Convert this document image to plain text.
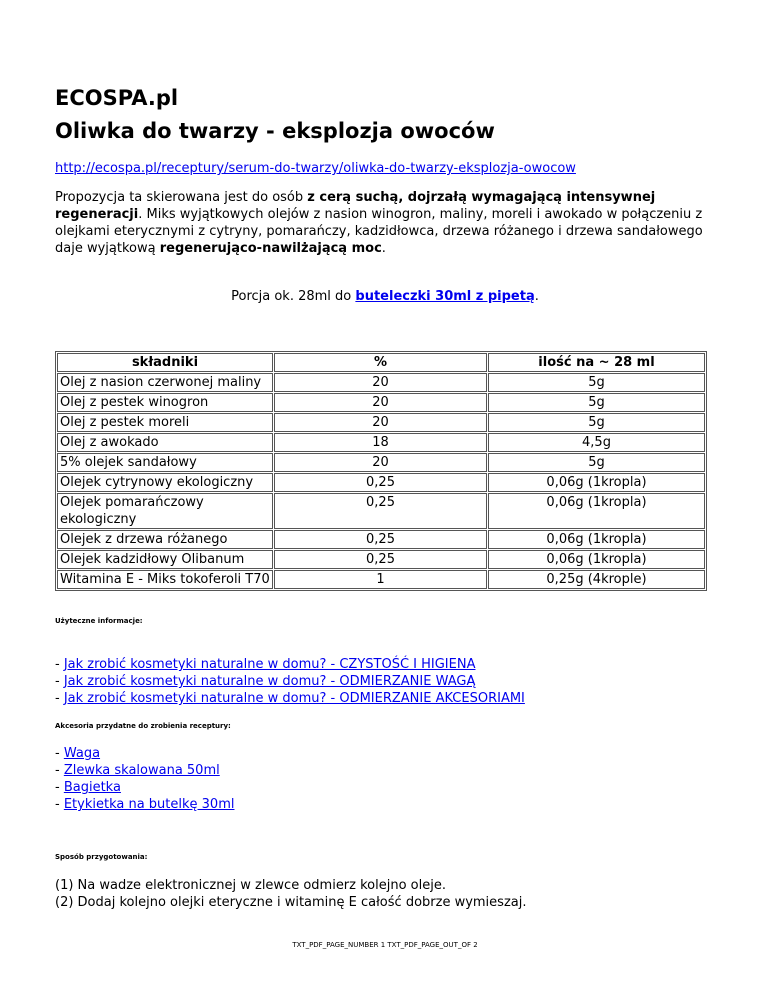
ECOSPA.pl
Oliwka do twarzy - eksplozja owoców
http://ecospa.pl/receptury/serum-do-twarzy/oliwka-do-twarzy-eksplozja-owocow

Propozycja ta skierowana jest do osób z cerą suchą, dojrzałą wymagającą intensywnej regeneracji. Miks wyjątkowych olejów z nasion winogron, maliny, moreli i awokado w połączeniu z olejkami eterycznymi z cytryny, pomarańczy, kadzidłowca, drzewa różanego i drzewa sandałowego daje wyjątkową regenerująco-nawilżającą moc.

Porcja ok. 28ml do buteleczki 30ml z pipetą.
składniki	%	ilość na ~ 28 ml
Olej z nasion czerwonej maliny	20	5g
Olej z pestek winogron	20	5g
Olej z pestek moreli	20	5g
Olej z awokado	18	4,5g
5% olejek sandałowy	20	5g
Olejek cytrynowy ekologiczny	0,25	0,06g (1kropla)
Olejek pomarańczowy ekologiczny	0,25	0,06g (1kropla)
Olejek z drzewa różanego	0,25	0,06g (1kropla)
Olejek kadzidłowy Olibanum	0,25	0,06g (1kropla)
Witamina E - Miks tokoferoli T70	1	0,25g (4krople)
Użyteczne informacje:
- Jak zrobić kosmetyki naturalne w domu? - CZYSTOŚĆ I HIGIENA
- Jak zrobić kosmetyki naturalne w domu? - ODMIERZANIE WAGĄ
- Jak zrobić kosmetyki naturalne w domu? - ODMIERZANIE AKCESORIAMI
Akcesoria przydatne do zrobienia receptury:
- Waga
- Zlewka skalowana 50ml
- Bagietka
- Etykietka na butelkę 30ml
Sposób przygotowania:
(1) Na wadze elektronicznej w zlewce odmierz kolejno oleje.
(2) Dodaj kolejno olejki eteryczne i witaminę E całość dobrze wymieszaj.
TXT_PDF_PAGE_NUMBER 1 TXT_PDF_PAGE_OUT_OF 2
